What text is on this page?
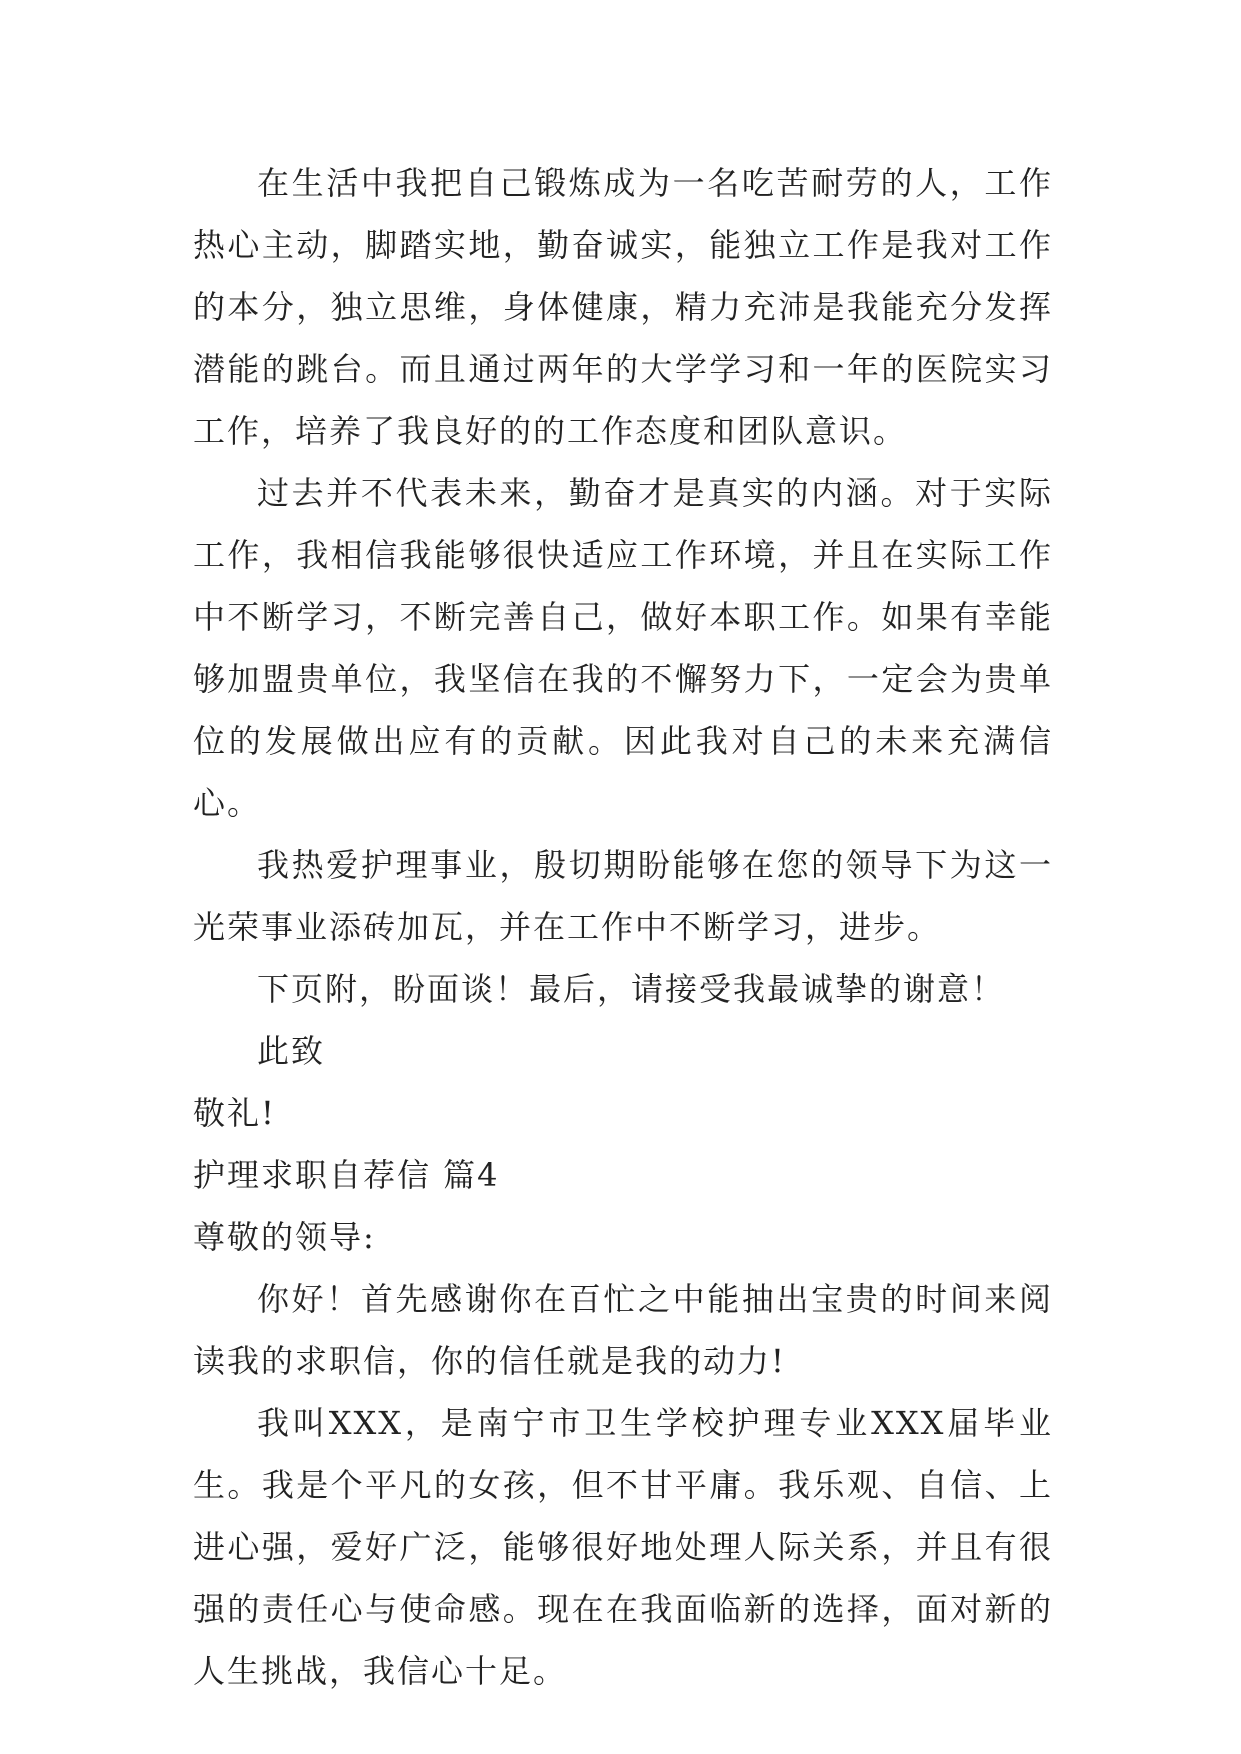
在生活中我把自己锻炼成为一名吃苦耐劳的人，工作热心主动，脚踏实地，勤奋诚实，能独立工作是我对工作的本分，独立思维，身体健康，精力充沛是我能充分发挥潜能的跳台。而且通过两年的大学学习和一年的医院实习工作，培养了我良好的的工作态度和团队意识。

过去并不代表未来，勤奋才是真实的内涵。对于实际工作，我相信我能够很快适应工作环境，并且在实际工作中不断学习，不断完善自己，做好本职工作。如果有幸能够加盟贵单位，我坚信在我的不懈努力下，一定会为贵单位的发展做出应有的贡献。因此我对自己的未来充满信心。

我热爱护理事业，殷切期盼能够在您的领导下为这一光荣事业添砖加瓦，并在工作中不断学习，进步。

下页附，盼面谈！最后，请接受我最诚挚的谢意！

此致

敬礼!

护理求职自荐信 篇4

尊敬的领导:

你好！首先感谢你在百忙之中能抽出宝贵的时间来阅读我的求职信，你的信任就是我的动力!

我叫XXX，是南宁市卫生学校护理专业XXX届毕业生。我是个平凡的女孩，但不甘平庸。我乐观、自信、上进心强，爱好广泛，能够很好地处理人际关系，并且有很强的责任心与使命感。现在在我面临新的选择，面对新的人生挑战，我信心十足。
